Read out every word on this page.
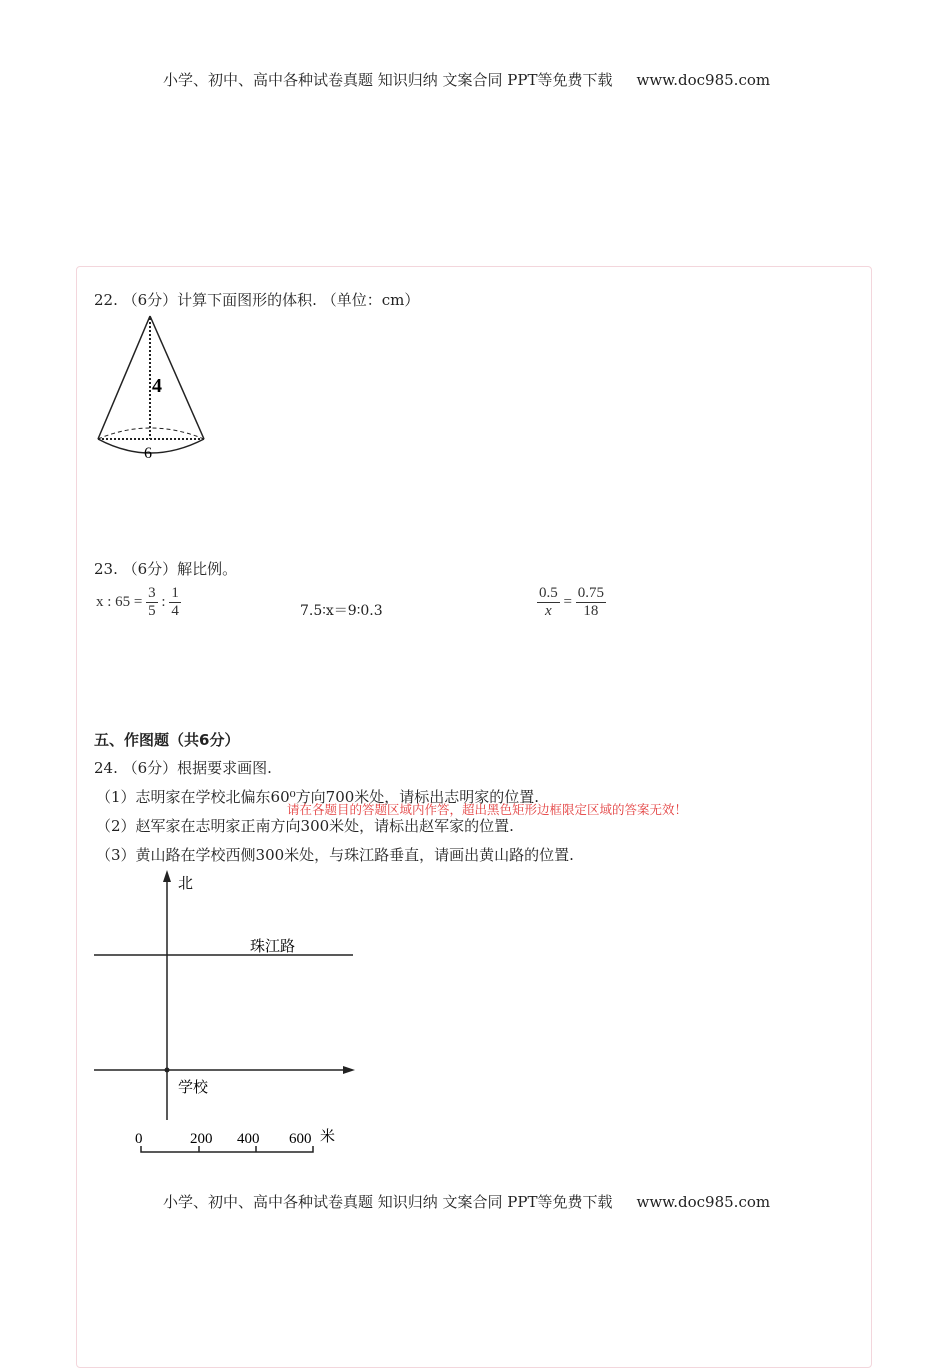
小学、初中、高中各种试卷真题 知识归纳 文案合同 PPT等免费下载 www.doc985.com
22. （6分）计算下面图形的体积. （单位：cm）
4
6
23. （6分）解比例。
x : $65 = \frac{3}{5}$ : $\frac{1}{4}$	7.5∶x＝9∶0.3	$\frac{0.5}{x} = \frac{0.75}{18}$
五、作图题（共6分）
24. （6分）根据要求画图.
（1）志明家在学校北偏东60⁰方向700米处，请标出志明家的位置.
请在各题目的答题区域内作答，超出黑色矩形边框限定区域的答案无效！
（2）赵军家在志明家正南方向300米处，请标出赵军家的位置.
（3）黄山路在学校西侧300米处，与珠江路垂直，请画出黄山路的位置.
北
珠江路
学校
0	200 400 600 米
小学、初中、高中各种试卷真题 知识归纳 文案合同 PPT等免费下载 www.doc985.com
